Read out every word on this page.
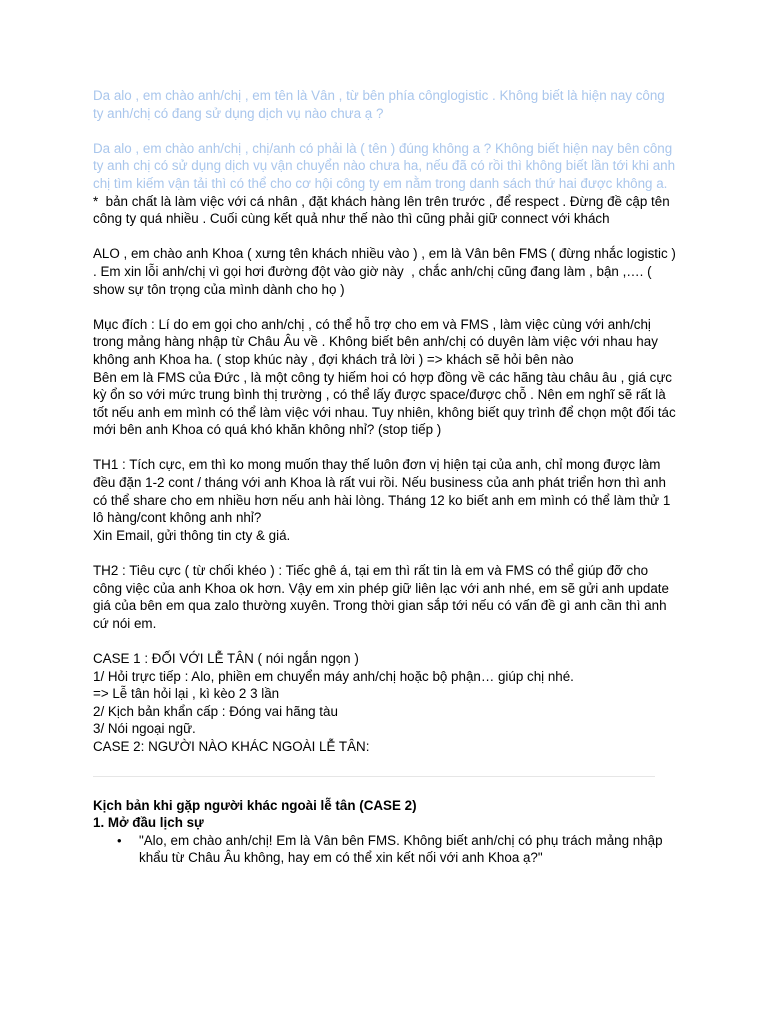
Da alo , em chào anh/chị , em tên là Vân , từ bên phía cônglogistic . Không biết là hiện nay công ty anh/chị có đang sử dụng dịch vụ nào chưa ạ ?

Da alo , em chào anh/chị , chị/anh có phải là ( tên ) đúng không a ? Không biết hiện nay bên công ty anh chị có sử dụng dịch vụ vận chuyển nào chưa ha, nếu đã có rồi thì không biết lần tới khi anh chị tìm kiếm vận tải thì có thể cho cơ hội công ty em nằm trong danh sách thứ hai được không a.

*  bản chất là làm việc với cá nhân , đặt khách hàng lên trên trước , để respect . Đừng đề cập tên công ty quá nhiều . Cuối cùng kết quả như thế nào thì cũng phải giữ connect với khách

ALO , em chào anh Khoa ( xưng tên khách nhiều vào ) , em là Vân bên FMS ( đừng nhắc logistic ) . Em xin lỗi anh/chị vì gọi hơi đường đột vào giờ này  , chắc anh/chị cũng đang làm , bận ,…. ( show sự tôn trọng của mình dành cho họ )

Mục đích : Lí do em gọi cho anh/chị , có thể hỗ trợ cho em và FMS , làm việc cùng với anh/chị trong mảng hàng nhập từ Châu Âu về . Không biết bên anh/chị có duyên làm việc với nhau hay không anh Khoa ha. ( stop khúc này , đợi khách trả lời ) => khách sẽ hỏi bên nào

Bên em là FMS của Đức , là một công ty hiếm hoi có hợp đồng về các hãng tàu châu âu , giá cực kỳ ổn so với mức trung bình thị trường , có thể lấy được space/được chỗ . Nên em nghĩ sẽ rất là tốt nếu anh em mình có thể làm việc với nhau. Tuy nhiên, không biết quy trình để chọn một đối tác mới bên anh Khoa có quá khó khăn không nhỉ? (stop tiếp )

TH1 : Tích cực, em thì ko mong muốn thay thế luôn đơn vị hiện tại của anh, chỉ mong được làm đều đặn 1-2 cont / tháng với anh Khoa là rất vui rồi. Nếu business của anh phát triển hơn thì anh có thể share cho em nhiều hơn nếu anh hài lòng. Tháng 12 ko biết anh em mình có thể làm thử 1 lô hàng/cont không anh nhỉ?

Xin Email, gửi thông tin cty & giá.

TH2 : Tiêu cực ( từ chối khéo ) : Tiếc ghê á, tại em thì rất tin là em và FMS có thể giúp đỡ cho công việc của anh Khoa ok hơn. Vậy em xin phép giữ liên lạc với anh nhé, em sẽ gửi anh update giá của bên em qua zalo thường xuyên. Trong thời gian sắp tới nếu có vấn đề gì anh cần thì anh cứ nói em.

CASE 1 : ĐỐI VỚI LỄ TÂN ( nói ngắn ngọn )

1/ Hỏi trực tiếp : Alo, phiền em chuyển máy anh/chị hoặc bộ phận… giúp chị nhé.

=> Lễ tân hỏi lại , kì kèo 2 3 lần

2/ Kịch bản khẩn cấp : Đóng vai hãng tàu

3/ Nói ngoại ngữ.

CASE 2: NGƯỜI NÀO KHÁC NGOÀI LỄ TÂN:

Kịch bản khi gặp người khác ngoài lễ tân (CASE 2)

1. Mở đầu lịch sự

• "Alo, em chào anh/chị! Em là Vân bên FMS. Không biết anh/chị có phụ trách mảng nhập khẩu từ Châu Âu không, hay em có thể xin kết nối với anh Khoa ạ?"
